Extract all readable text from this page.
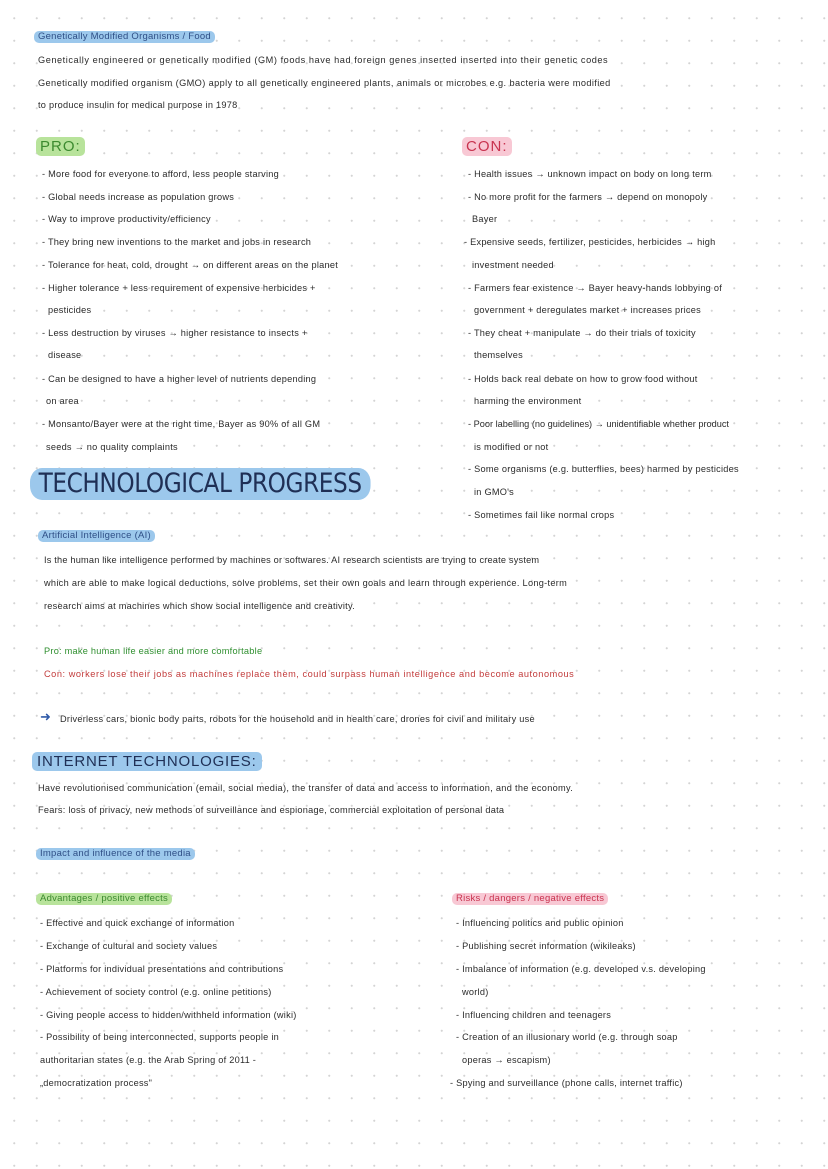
Genetically Modified Organisms / Food
Genetically engineered or genetically modified (GM) foods have had foreign genes inserted inserted into their genetic codes
Genetically modified organism (GMO) apply to all genetically engineered plants, animals or microbes e.g. bacteria were modified
to produce insulin for medical purpose in 1978
PRO:
- More food for everyone to afford, less people starving
- Global needs increase as population grows
- Way to improve productivity/efficiency
- They bring new inventions to the market and jobs in research
- Tolerance for heat, cold, drought → on different areas on the planet
- Higher tolerance + less requirement of expensive herbicides +
pesticides
- Less destruction by viruses → higher resistance to insects +
disease
- Can be designed to have a higher level of nutrients depending
on area
- Monsanto/Bayer were at the right time, Bayer as 90% of all GM
seeds → no quality complaints
CON:
- Health issues → unknown impact on body on long term
- No more profit for the farmers → depend on monopoly
Bayer
- Expensive seeds, fertilizer, pesticides, herbicides → high
investment needed
- Farmers fear existence → Bayer heavy-hands lobbying of
government + deregulates market + increases prices
- They cheat + manipulate → do their trials of toxicity
themselves
- Holds back real debate on how to grow food without
harming the environment
- Poor labelling (no guidelines) → unidentifiable whether product
is modified or not
- Some organisms (e.g. butterflies, bees) harmed by pesticides
in GMO's
- Sometimes fail like normal crops
TECHNOLOGICAL PROGRESS
Artificial Intelligence (AI)
Is the human like intelligence performed by machines or softwares. AI research scientists are trying to create system
which are able to make logical deductions, solve problems, set their own goals and learn through experience. Long-term
research aims at machines which show social intelligence and creativity.
Pro: make human life easier and more comfortable
Con: workers lose their jobs as machines replace them, could surpass human intelligence and become autonomous
➜ Driverless cars, bionic body parts, robots for the household and in health care, drones for civil and military use
INTERNET TECHNOLOGIES:
Have revolutionised communication (email, social media), the transfer of data and access to information, and the economy.
Fears: loss of privacy, new methods of surveillance and espionage, commercial exploitation of personal data
Impact and influence of the media
Advantages / positive effects
- Effective and quick exchange of information
- Exchange of cultural and society values
- Platforms for individual presentations and contributions
- Achievement of society control (e.g. online petitions)
- Giving people access to hidden/withheld information (wiki)
- Possibility of being interconnected, supports people in
authoritarian states (e.g. the Arab Spring of 2011 -
„democratization process"
Risks / dangers / negative effects
- Influencing politics and public opinion
- Publishing secret information (wikileaks)
- Imbalance of information (e.g. developed v.s. developing
world)
- Influencing children and teenagers
- Creation of an illusionary world (e.g. through soap
operas → escapism)
- Spying and surveillance (phone calls, internet traffic)
